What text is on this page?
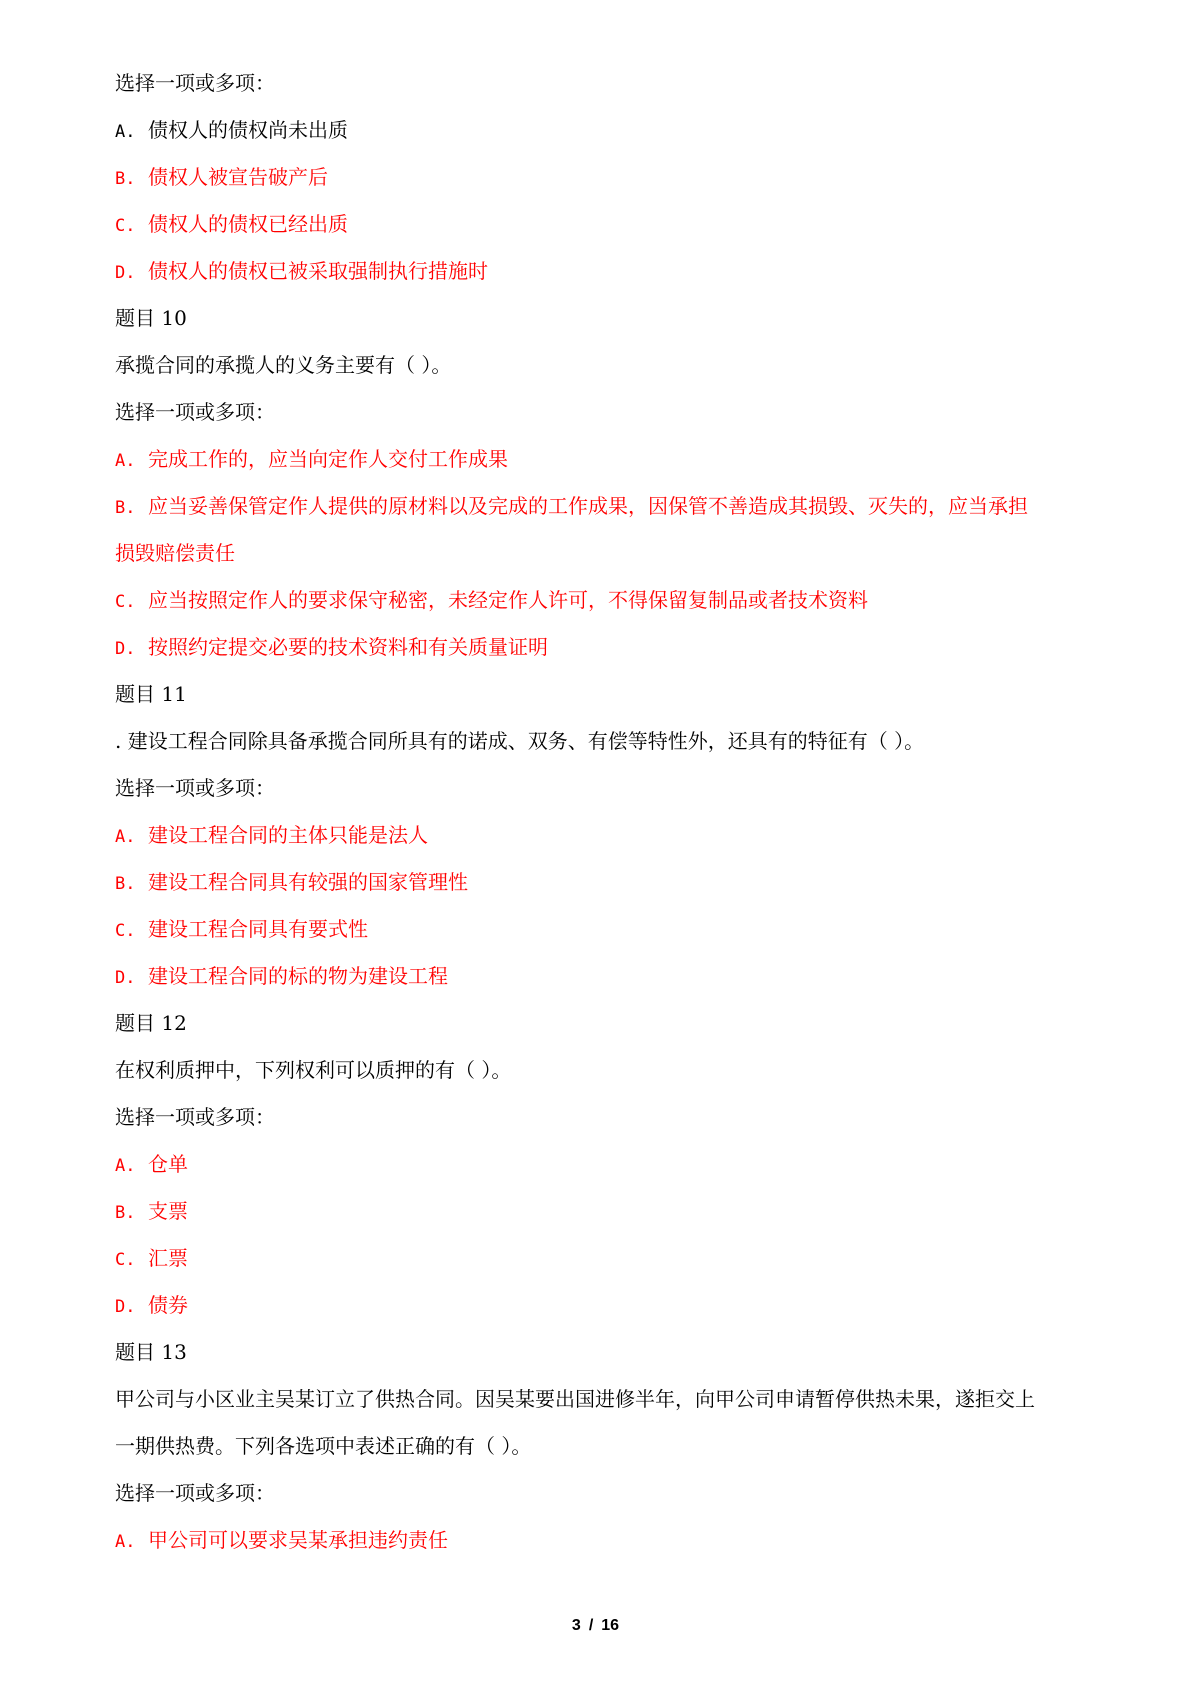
选择一项或多项：
A. 债权人的债权尚未出质
B. 债权人被宣告破产后
C. 债权人的债权已经出质
D. 债权人的债权已被采取强制执行措施时
题目 10
承揽合同的承揽人的义务主要有（ ）。
选择一项或多项：
A. 完成工作的，应当向定作人交付工作成果
B. 应当妥善保管定作人提供的原材料以及完成的工作成果，因保管不善造成其损毁、灭失的，应当承担
损毁赔偿责任
C. 应当按照定作人的要求保守秘密，未经定作人许可，不得保留复制品或者技术资料
D. 按照约定提交必要的技术资料和有关质量证明
题目 11
. 建设工程合同除具备承揽合同所具有的诺成、双务、有偿等特性外，还具有的特征有（ ）。
选择一项或多项：
A. 建设工程合同的主体只能是法人
B. 建设工程合同具有较强的国家管理性
C. 建设工程合同具有要式性
D. 建设工程合同的标的物为建设工程
题目 12
在权利质押中，下列权利可以质押的有（ ）。
选择一项或多项：
A. 仓单
B. 支票
C. 汇票
D. 债券
题目 13
甲公司与小区业主吴某订立了供热合同。因吴某要出国进修半年，向甲公司申请暂停供热未果，遂拒交上
一期供热费。下列各选项中表述正确的有（ ）。
选择一项或多项：
A. 甲公司可以要求吴某承担违约责任
3 / 16
